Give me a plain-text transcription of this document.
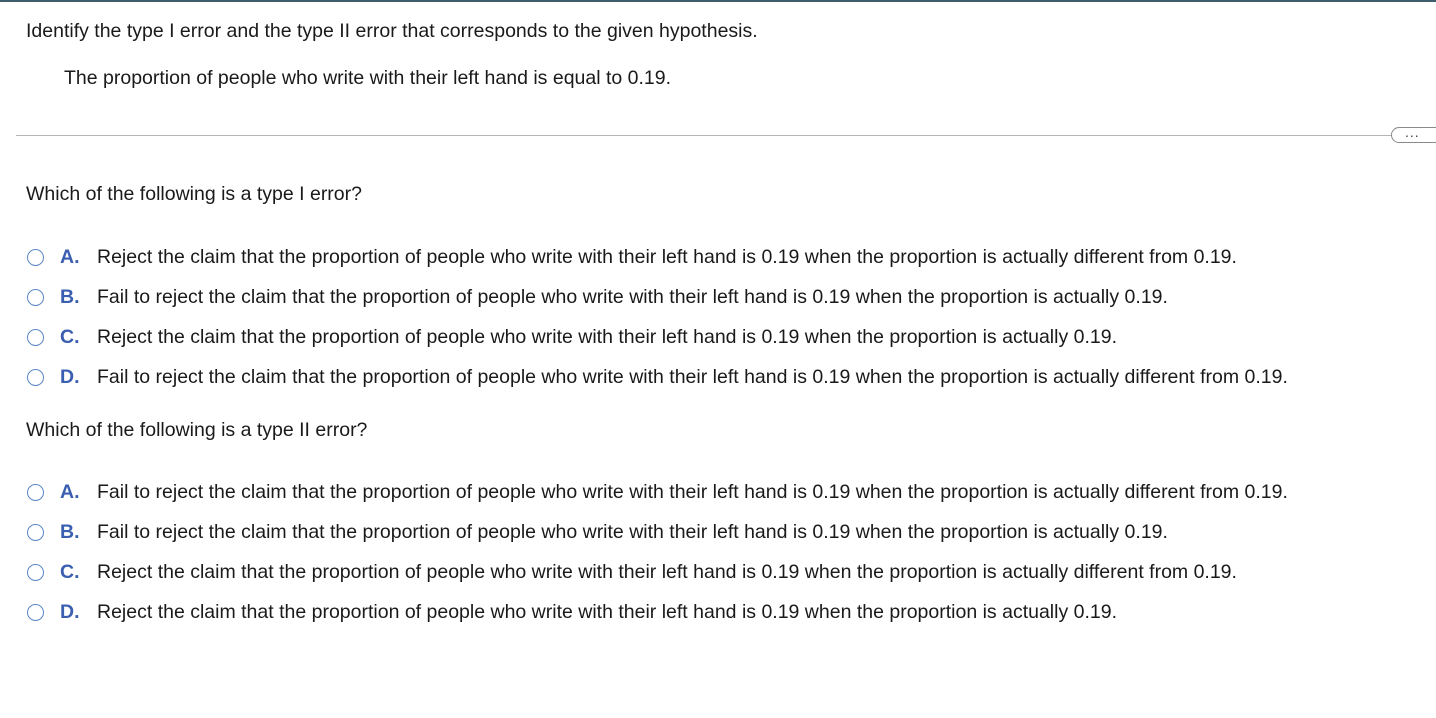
Identify the type I error and the type II error that corresponds to the given hypothesis.
The proportion of people who write with their left hand is equal to 0.19.
...
Which of the following is a type I error?
A. Reject the claim that the proportion of people who write with their left hand is 0.19 when the proportion is actually different from 0.19.
B. Fail to reject the claim that the proportion of people who write with their left hand is 0.19 when the proportion is actually 0.19.
C. Reject the claim that the proportion of people who write with their left hand is 0.19 when the proportion is actually 0.19.
D. Fail to reject the claim that the proportion of people who write with their left hand is 0.19 when the proportion is actually different from 0.19.
Which of the following is a type II error?
A. Fail to reject the claim that the proportion of people who write with their left hand is 0.19 when the proportion is actually different from 0.19.
B. Fail to reject the claim that the proportion of people who write with their left hand is 0.19 when the proportion is actually 0.19.
C. Reject the claim that the proportion of people who write with their left hand is 0.19 when the proportion is actually different from 0.19.
D. Reject the claim that the proportion of people who write with their left hand is 0.19 when the proportion is actually 0.19.
